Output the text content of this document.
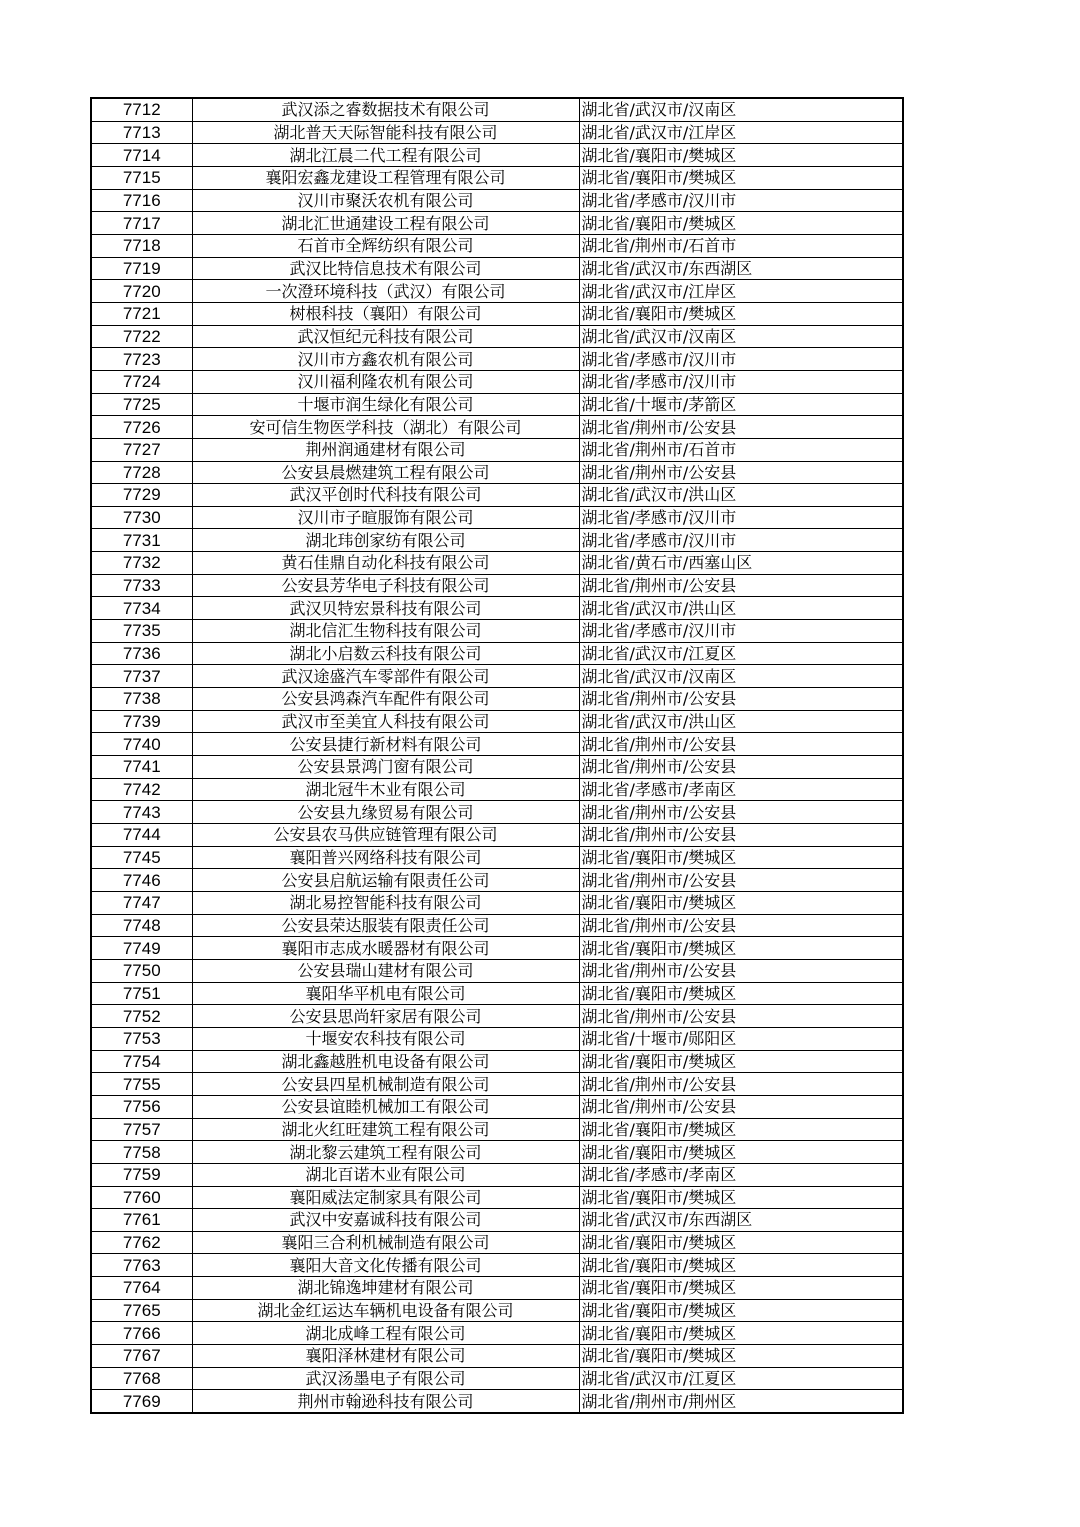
7712	武汉添之睿数据技术有限公司	湖北省/武汉市/汉南区
7713	湖北普天天际智能科技有限公司	湖北省/武汉市/江岸区
7714	湖北江晨二代工程有限公司	湖北省/襄阳市/樊城区
7715	襄阳宏鑫龙建设工程管理有限公司	湖北省/襄阳市/樊城区
7716	汉川市聚沃农机有限公司	湖北省/孝感市/汉川市
7717	湖北汇世通建设工程有限公司	湖北省/襄阳市/樊城区
7718	石首市全辉纺织有限公司	湖北省/荆州市/石首市
7719	武汉比特信息技术有限公司	湖北省/武汉市/东西湖区
7720	一次澄环境科技（武汉）有限公司	湖北省/武汉市/江岸区
7721	树根科技（襄阳）有限公司	湖北省/襄阳市/樊城区
7722	武汉恒纪元科技有限公司	湖北省/武汉市/汉南区
7723	汉川市方鑫农机有限公司	湖北省/孝感市/汉川市
7724	汉川福利隆农机有限公司	湖北省/孝感市/汉川市
7725	十堰市润生绿化有限公司	湖北省/十堰市/茅箭区
7726	安可信生物医学科技（湖北）有限公司	湖北省/荆州市/公安县
7727	荆州润通建材有限公司	湖北省/荆州市/石首市
7728	公安县晨燃建筑工程有限公司	湖北省/荆州市/公安县
7729	武汉平创时代科技有限公司	湖北省/武汉市/洪山区
7730	汉川市子暄服饰有限公司	湖北省/孝感市/汉川市
7731	湖北玮创家纺有限公司	湖北省/孝感市/汉川市
7732	黄石佳鼎自动化科技有限公司	湖北省/黄石市/西塞山区
7733	公安县芳华电子科技有限公司	湖北省/荆州市/公安县
7734	武汉贝特宏景科技有限公司	湖北省/武汉市/洪山区
7735	湖北信汇生物科技有限公司	湖北省/孝感市/汉川市
7736	湖北小启数云科技有限公司	湖北省/武汉市/江夏区
7737	武汉途盛汽车零部件有限公司	湖北省/武汉市/汉南区
7738	公安县鸿森汽车配件有限公司	湖北省/荆州市/公安县
7739	武汉市至美宜人科技有限公司	湖北省/武汉市/洪山区
7740	公安县捷行新材料有限公司	湖北省/荆州市/公安县
7741	公安县景鸿门窗有限公司	湖北省/荆州市/公安县
7742	湖北冠牛木业有限公司	湖北省/孝感市/孝南区
7743	公安县九缘贸易有限公司	湖北省/荆州市/公安县
7744	公安县农马供应链管理有限公司	湖北省/荆州市/公安县
7745	襄阳普兴网络科技有限公司	湖北省/襄阳市/樊城区
7746	公安县启航运输有限责任公司	湖北省/荆州市/公安县
7747	湖北易控智能科技有限公司	湖北省/襄阳市/樊城区
7748	公安县荣达服装有限责任公司	湖北省/荆州市/公安县
7749	襄阳市志成水暖器材有限公司	湖北省/襄阳市/樊城区
7750	公安县瑞山建材有限公司	湖北省/荆州市/公安县
7751	襄阳华平机电有限公司	湖北省/襄阳市/樊城区
7752	公安县思尚轩家居有限公司	湖北省/荆州市/公安县
7753	十堰安农科技有限公司	湖北省/十堰市/郧阳区
7754	湖北鑫越胜机电设备有限公司	湖北省/襄阳市/樊城区
7755	公安县四星机械制造有限公司	湖北省/荆州市/公安县
7756	公安县谊睦机械加工有限公司	湖北省/荆州市/公安县
7757	湖北火红旺建筑工程有限公司	湖北省/襄阳市/樊城区
7758	湖北黎云建筑工程有限公司	湖北省/襄阳市/樊城区
7759	湖北百诺木业有限公司	湖北省/孝感市/孝南区
7760	襄阳威法定制家具有限公司	湖北省/襄阳市/樊城区
7761	武汉中安嘉诚科技有限公司	湖北省/武汉市/东西湖区
7762	襄阳三合利机械制造有限公司	湖北省/襄阳市/樊城区
7763	襄阳大音文化传播有限公司	湖北省/襄阳市/樊城区
7764	湖北锦逸坤建材有限公司	湖北省/襄阳市/樊城区
7765	湖北金红运达车辆机电设备有限公司	湖北省/襄阳市/樊城区
7766	湖北成峰工程有限公司	湖北省/襄阳市/樊城区
7767	襄阳泽林建材有限公司	湖北省/襄阳市/樊城区
7768	武汉汤墨电子有限公司	湖北省/武汉市/江夏区
7769	荆州市翰逊科技有限公司	湖北省/荆州市/荆州区
